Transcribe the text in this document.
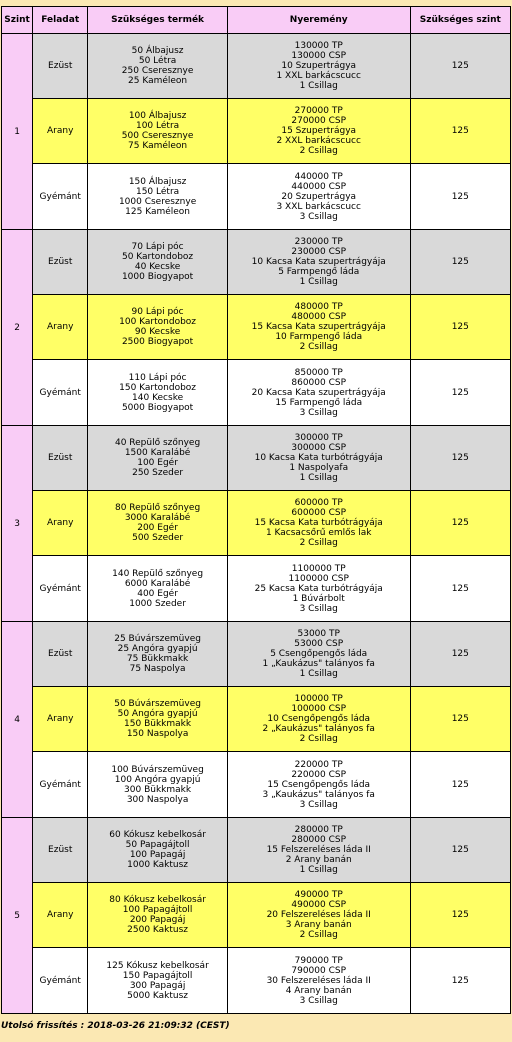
Szint	Feladat	Szükséges termék	Nyeremény	Szükséges szint
1	Ezüst	50 Álbajusz
50 Létra
250 Cseresznye
25 Kaméleon	130000 TP
130000 CSP
10 Szupertrágya
1 XXL barkácscucc
1 Csillag	125
	Arany	100 Álbajusz
100 Létra
500 Cseresznye
75 Kaméleon	270000 TP
270000 CSP
15 Szupertrágya
2 XXL barkácscucc
2 Csillag	125
	Gyémánt	150 Álbajusz
150 Létra
1000 Cseresznye
125 Kaméleon	440000 TP
440000 CSP
20 Szupertrágya
3 XXL barkácscucc
3 Csillag	125
2	Ezüst	70 Lápi póc
50 Kartondoboz
40 Kecske
1000 Biogyapot	230000 TP
230000 CSP
10 Kacsa Kata szupertrágyája
5 Farmpengő láda
1 Csillag	125
	Arany	90 Lápi póc
100 Kartondoboz
90 Kecske
2500 Biogyapot	480000 TP
480000 CSP
15 Kacsa Kata szupertrágyája
10 Farmpengő láda
2 Csillag	125
	Gyémánt	110 Lápi póc
150 Kartondoboz
140 Kecske
5000 Biogyapot	850000 TP
860000 CSP
20 Kacsa Kata szupertrágyája
15 Farmpengő láda
3 Csillag	125
3	Ezüst	40 Repülő szőnyeg
1500 Karalábé
100 Egér
250 Szeder	300000 TP
300000 CSP
10 Kacsa Kata turbótrágyája
1 Naspolyafa
1 Csillag	125
	Arany	80 Repülő szőnyeg
3000 Karalábé
200 Egér
500 Szeder	600000 TP
600000 CSP
15 Kacsa Kata turbótrágyája
1 Kacsacsőrű emlős lak
2 Csillag	125
	Gyémánt	140 Repülő szőnyeg
6000 Karalábé
400 Egér
1000 Szeder	1100000 TP
1100000 CSP
25 Kacsa Kata turbótrágyája
1 Búvárbolt
3 Csillag	125
4	Ezüst	25 Búvárszemüveg
25 Angóra gyapjú
75 Bükkmakk
75 Naspolya	53000 TP
53000 CSP
5 Csengőpengős láda
1 „Kaukázus" talányos fa
1 Csillag	125
	Arany	50 Búvárszemüveg
50 Angóra gyapjú
150 Bükkmakk
150 Naspolya	100000 TP
100000 CSP
10 Csengőpengős láda
2 „Kaukázus" talányos fa
2 Csillag	125
	Gyémánt	100 Búvárszemüveg
100 Angóra gyapjú
300 Bükkmakk
300 Naspolya	220000 TP
220000 CSP
15 Csengőpengős láda
3 „Kaukázus" talányos fa
3 Csillag	125
5	Ezüst	60 Kókusz kebelkosár
50 Papagájtoll
100 Papagáj
1000 Kaktusz	280000 TP
280000 CSP
15 Felszereléses láda II
2 Arany banán
1 Csillag	125
	Arany	80 Kókusz kebelkosár
100 Papagájtoll
200 Papagáj
2500 Kaktusz	490000 TP
490000 CSP
20 Felszereléses láda II
3 Arany banán
2 Csillag	125
	Gyémánt	125 Kókusz kebelkosár
150 Papagájtoll
300 Papagáj
5000 Kaktusz	790000 TP
790000 CSP
30 Felszereléses láda II
4 Arany banán
3 Csillag	125
Utolsó frissítés : 2018-03-26 21:09:32 (CEST)
